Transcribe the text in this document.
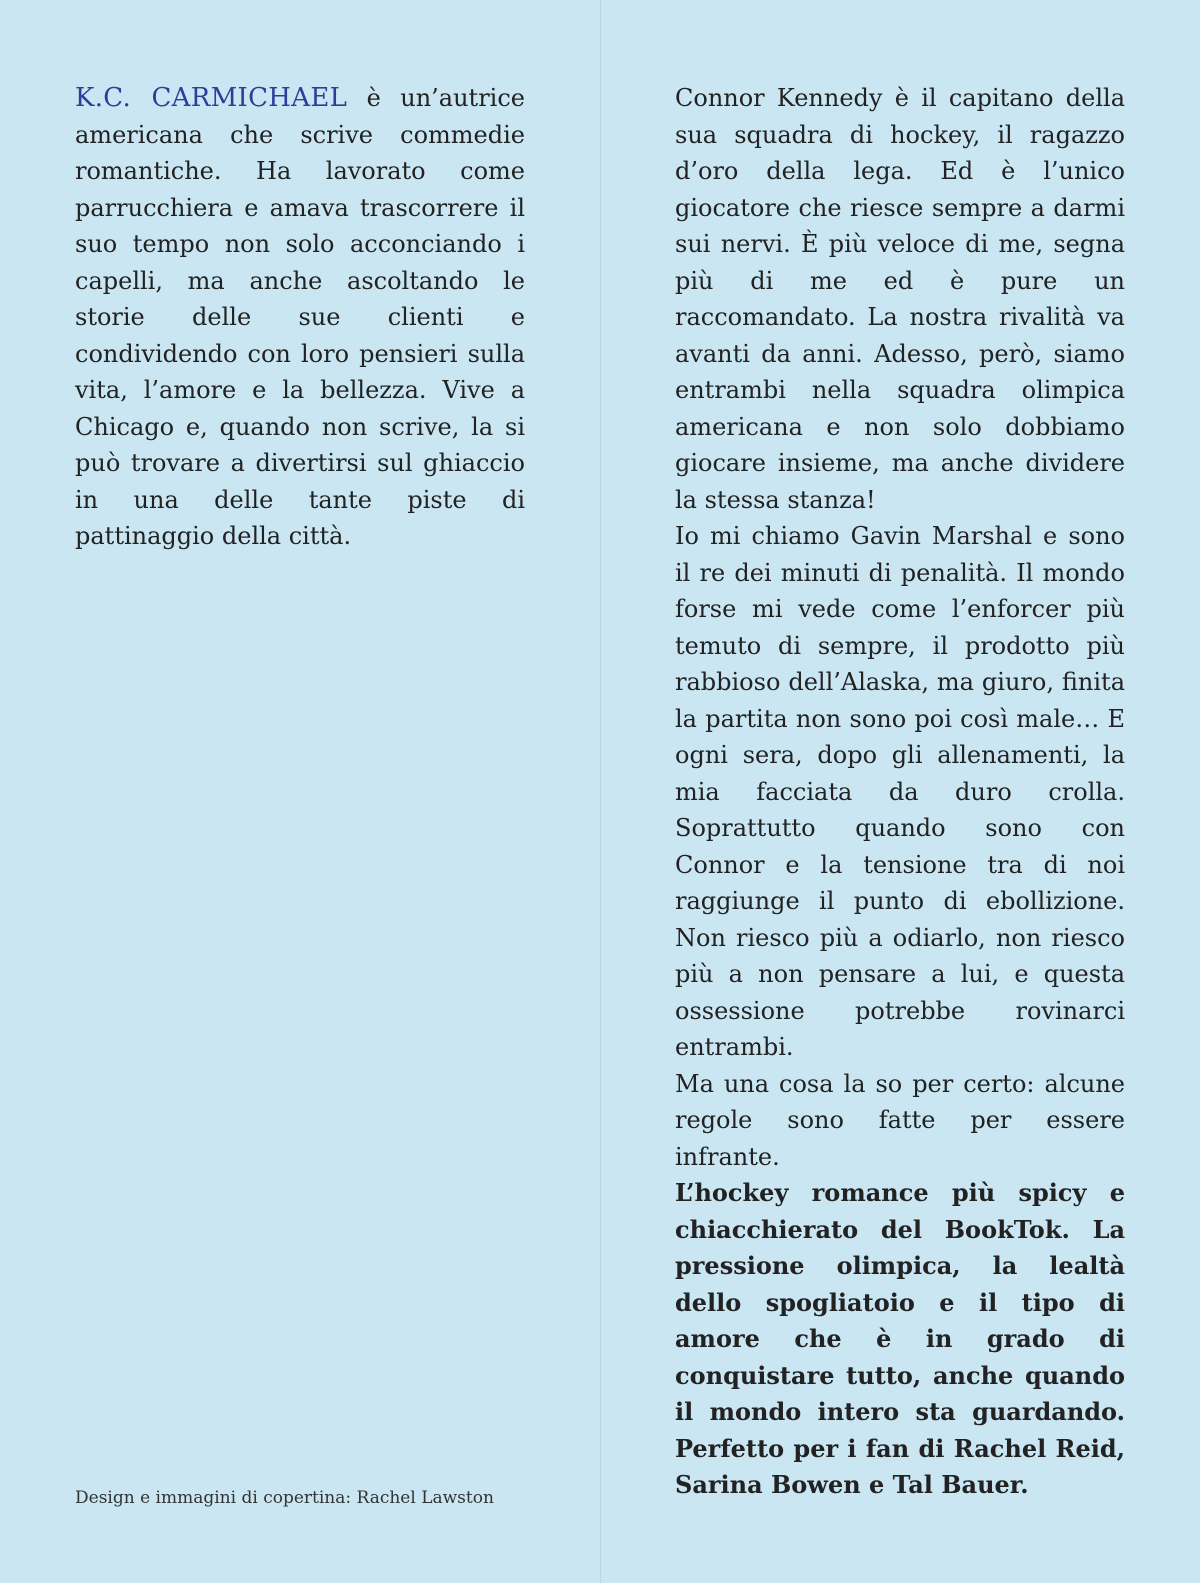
K.C. CARMICHAEL è un’autrice americana che scrive commedie romantiche. Ha lavorato come parrucchiera e amava trascorrere il suo tempo non solo acconciando i capelli, ma anche ascoltando le storie delle sue clienti e condividendo con loro pensieri sulla vita, l’amore e la bellezza. Vive a Chicago e, quando non scrive, la si può trovare a divertirsi sul ghiaccio in una delle tante piste di pattinaggio della città.

Connor Kennedy è il capitano della sua squadra di hockey, il ragazzo d’oro della lega. Ed è l’unico giocatore che riesce sempre a darmi sui nervi. È più veloce di me, segna più di me ed è pure un raccomandato. La nostra rivalità va avanti da anni. Adesso, però, siamo entrambi nella squadra olimpica americana e non solo dobbiamo giocare insieme, ma anche dividere la stessa stanza!

Io mi chiamo Gavin Marshal e sono il re dei minuti di penalità. Il mondo forse mi vede come l’enforcer più temuto di sempre, il prodotto più rabbioso dell’Alaska, ma giuro, finita la partita non sono poi così male… E ogni sera, dopo gli allenamenti, la mia facciata da duro crolla. Soprattutto quando sono con Connor e la tensione tra di noi raggiunge il punto di ebollizione. Non riesco più a odiarlo, non riesco più a non pensare a lui, e questa ossessione potrebbe rovinarci entrambi.

Ma una cosa la so per certo: alcune regole sono fatte per essere infrante.

L’hockey romance più spicy e chiacchierato del BookTok. La pressione olimpica, la lealtà dello spogliatoio e il tipo di amore che è in grado di conquistare tutto, anche quando il mondo intero sta guardando. Perfetto per i fan di Rachel Reid, Sarina Bowen e Tal Bauer.

Design e immagini di copertina: Rachel Lawston
